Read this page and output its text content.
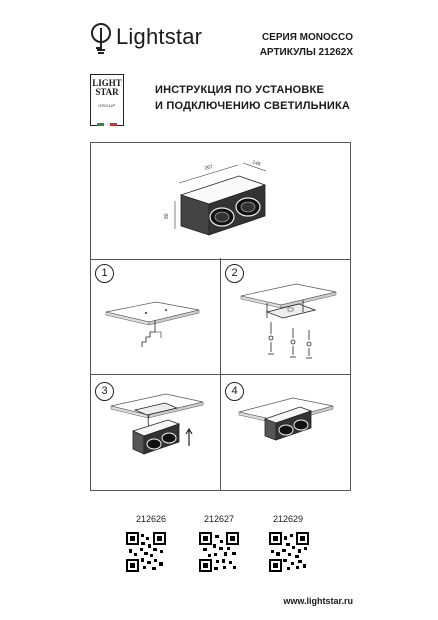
Lightstar	СЕРИЯ MONOCCO
АРТИКУЛЫ 21262X
LIGHT
STAR
GROUP
ИНСТРУКЦИЯ ПО УСТАНОВКЕ
И ПОДКЛЮЧЕНИЮ СВЕТИЛЬНИКА
267
148
90
1	2
3	4
212626	212627	212629
www.lightstar.ru
